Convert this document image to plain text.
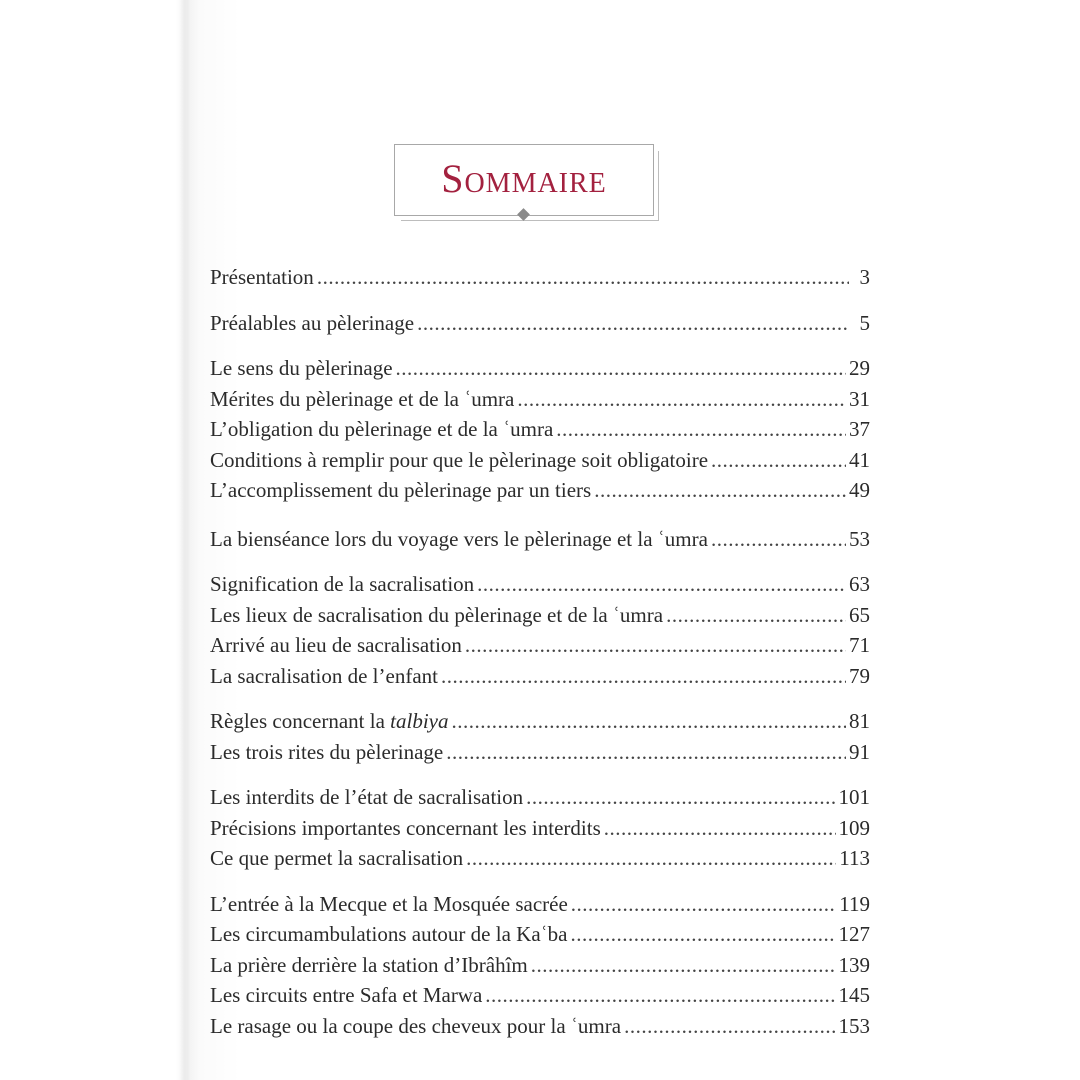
Sommaire
Présentation .....	3
Préalables au pèlerinage .....	5
Le sens du pèlerinage .....	29
Mérites du pèlerinage et de la ʿumra .....	31
L’obligation du pèlerinage et de la ʿumra .....	37
Conditions à remplir pour que le pèlerinage soit obligatoire .....	41
L’accomplissement du pèlerinage par un tiers .....	49
La bienséance lors du voyage vers le pèlerinage et la ʿumra .....	53
Signification de la sacralisation .....	63
Les lieux de sacralisation du pèlerinage et de la ʿumra .....	65
Arrivé au lieu de sacralisation .....	71
La sacralisation de l’enfant .....	79
Règles concernant la talbiya .....	81
Les trois rites du pèlerinage .....	91
Les interdits de l’état de sacralisation .....	101
Précisions importantes concernant les interdits .....	109
Ce que permet la sacralisation .....	113
L’entrée à la Mecque et la Mosquée sacrée .....	119
Les circumambulations autour de la Kaʿba .....	127
La prière derrière la station d’Ibrâhîm .....	139
Les circuits entre Safa et Marwa .....	145
Le rasage ou la coupe des cheveux pour la ʿumra .....	153
